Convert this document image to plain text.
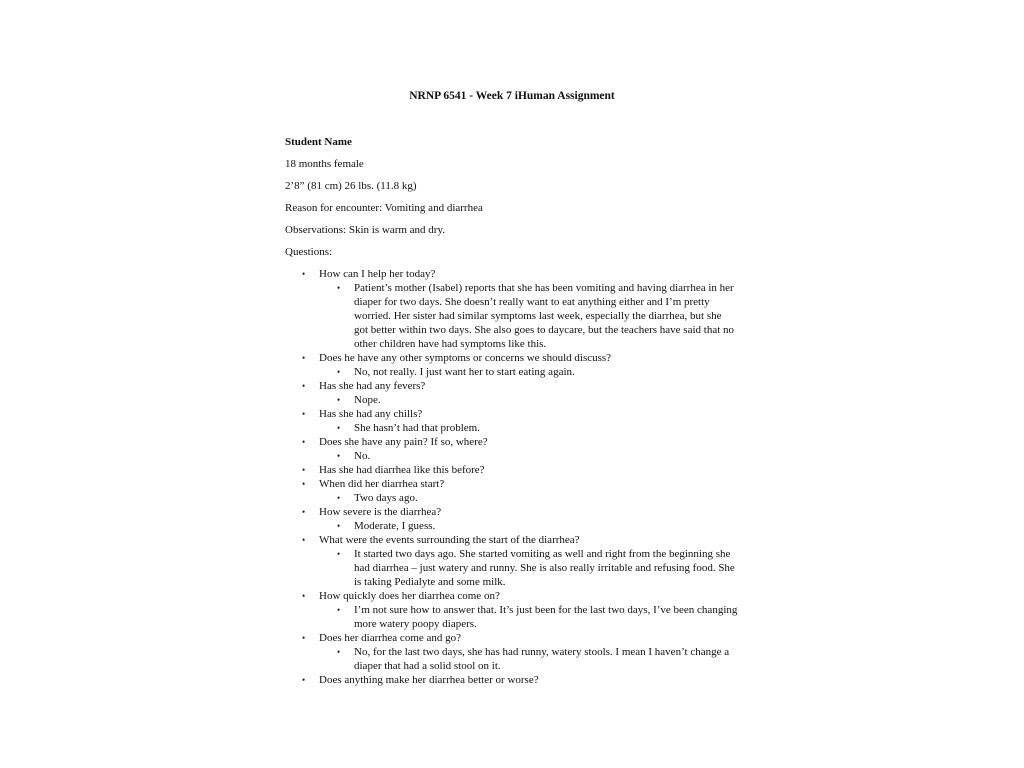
NRNP 6541 - Week 7 iHuman Assignment

Student Name

18 months female

2’8” (81 cm) 26 lbs. (11.8 kg)

Reason for encounter: Vomiting and diarrhea

Observations: Skin is warm and dry.

Questions:

• How can I help her today?
• Patient’s mother (Isabel) reports that she has been vomiting and having diarrhea in her diaper for two days. She doesn’t really want to eat anything either and I’m pretty worried. Her sister had similar symptoms last week, especially the diarrhea, but she got better within two days. She also goes to daycare, but the teachers have said that no other children have had symptoms like this.
• Does he have any other symptoms or concerns we should discuss?
• No, not really. I just want her to start eating again.
• Has she had any fevers?
• Nope.
• Has she had any chills?
• She hasn’t had that problem.
• Does she have any pain? If so, where?
• No.
• Has she had diarrhea like this before?
• When did her diarrhea start?
• Two days ago.
• How severe is the diarrhea?
• Moderate, I guess.
• What were the events surrounding the start of the diarrhea?
• It started two days ago. She started vomiting as well and right from the beginning she had diarrhea – just watery and runny. She is also really irritable and refusing food. She is taking Pedialyte and some milk.
• How quickly does her diarrhea come on?
• I’m not sure how to answer that. It’s just been for the last two days, I’ve been changing more watery poopy diapers.
• Does her diarrhea come and go?
• No, for the last two days, she has had runny, watery stools. I mean I haven’t change a diaper that had a solid stool on it.
• Does anything make her diarrhea better or worse?
